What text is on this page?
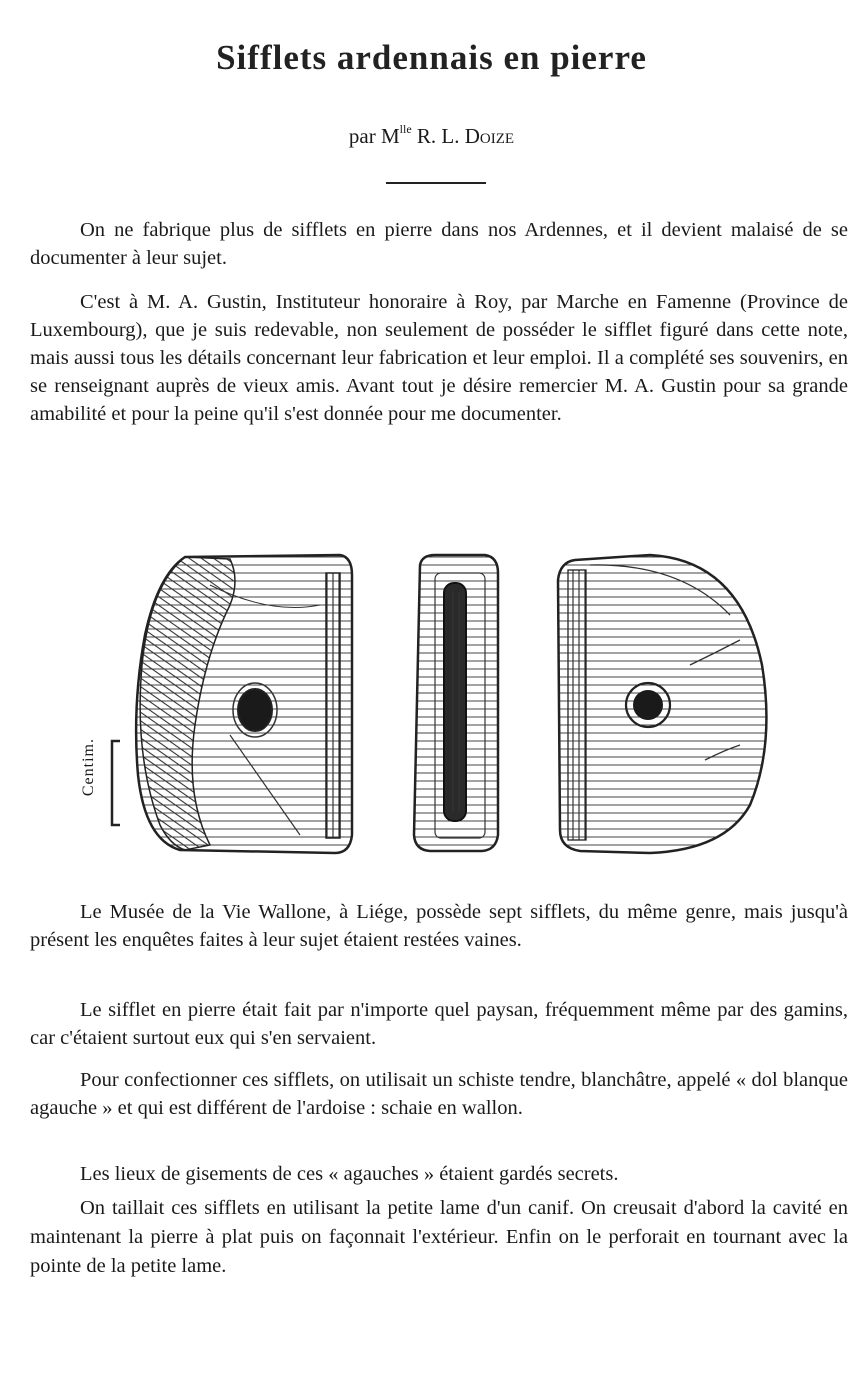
Sifflets ardennais en pierre
par $M^{lle}$ R. L. Doize

On ne fabrique plus de sifflets en pierre dans nos Ardennes, et il devient malaisé de se documenter à leur sujet.

C'est à M. A. Gustin, Instituteur honoraire à Roy, par Marche en Famenne (Province de Luxembourg), que je suis redevable, non seulement de posséder le sifflet figuré dans cette note, mais aussi tous les détails concernant leur fabrication et leur emploi. Il a complété ses souvenirs, en se renseignant auprès de vieux amis. Avant tout je désire remercier M. A. Gustin pour sa grande amabilité et pour la peine qu'il s'est donnée pour me documenter.

Centim.

Le Musée de la Vie Wallone, à Liége, possède sept sifflets, du même genre, mais jusqu'à présent les enquêtes faites à leur sujet étaient restées vaines.

Le sifflet en pierre était fait par n'importe quel paysan, fréquemment même par des gamins, car c'étaient surtout eux qui s'en servaient.

Pour confectionner ces sifflets, on utilisait un schiste tendre, blanchâtre, appelé « dol blanque agauche » et qui est différent de l'ardoise : schaie en wallon.

Les lieux de gisements de ces « agauches » étaient gardés secrets.

On taillait ces sifflets en utilisant la petite lame d'un canif. On creusait d'abord la cavité en maintenant la pierre à plat puis on façonnait l'extérieur. Enfin on le perforait en tournant avec la pointe de la petite lame.
